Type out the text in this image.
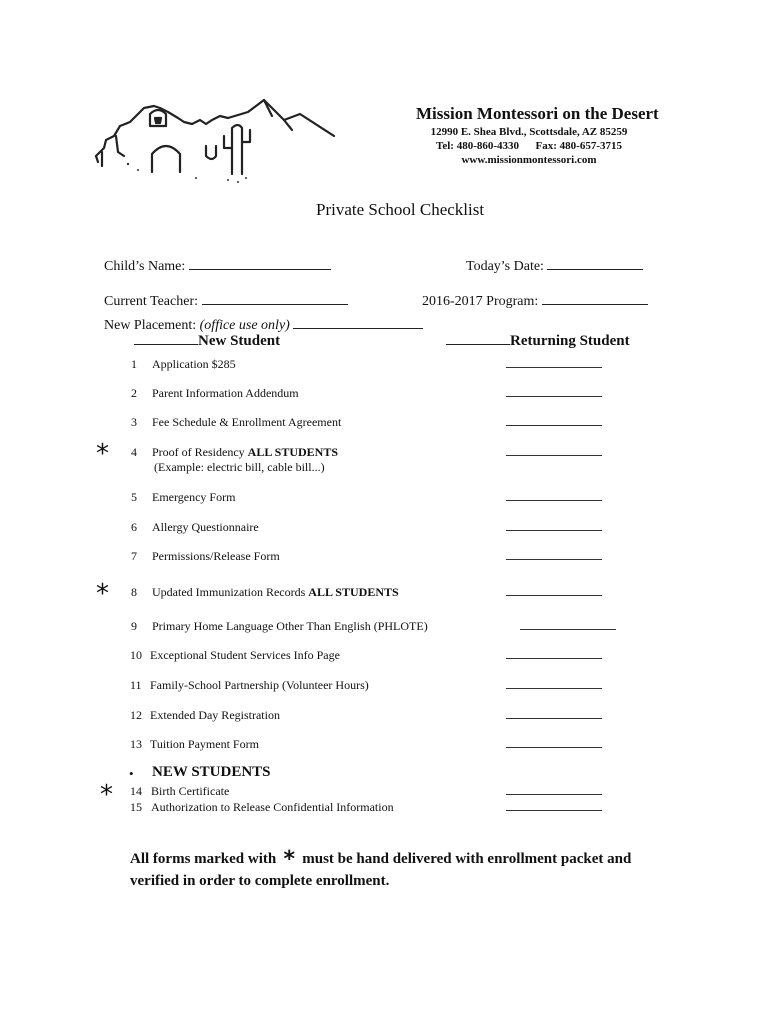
Mission Montessori on the Desert
12990 E. Shea Blvd., Scottsdale, AZ 85259
Tel: 480-860-4330      Fax: 480-657-3715
www.missionmontessori.com
Private School Checklist
Child’s Name:	Today’s Date:
Current Teacher:	2016-2017 Program:
New Placement: (office use only)
New Student	Returning Student
1 Application $285
2 Parent Information Addendum
3 Fee Schedule & Enrollment Agreement
4 Proof of Residency ALL STUDENTS
(Example: electric bill, cable bill...)
*
5 Emergency Form
6 Allergy Questionnaire
7 Permissions/Release Form
8 Updated Immunization Records ALL STUDENTS
*
9 Primary Home Language Other Than English (PHLOTE)
10 Exceptional Student Services Info Page
11 Family-School Partnership (Volunteer Hours)
12 Extended Day Registration
13 Tuition Payment Form
• NEW STUDENTS
* 14 Birth Certificate
15 Authorization to Release Confidential Information
All forms marked with * must be hand delivered with enrollment packet and verified in order to complete enrollment.
